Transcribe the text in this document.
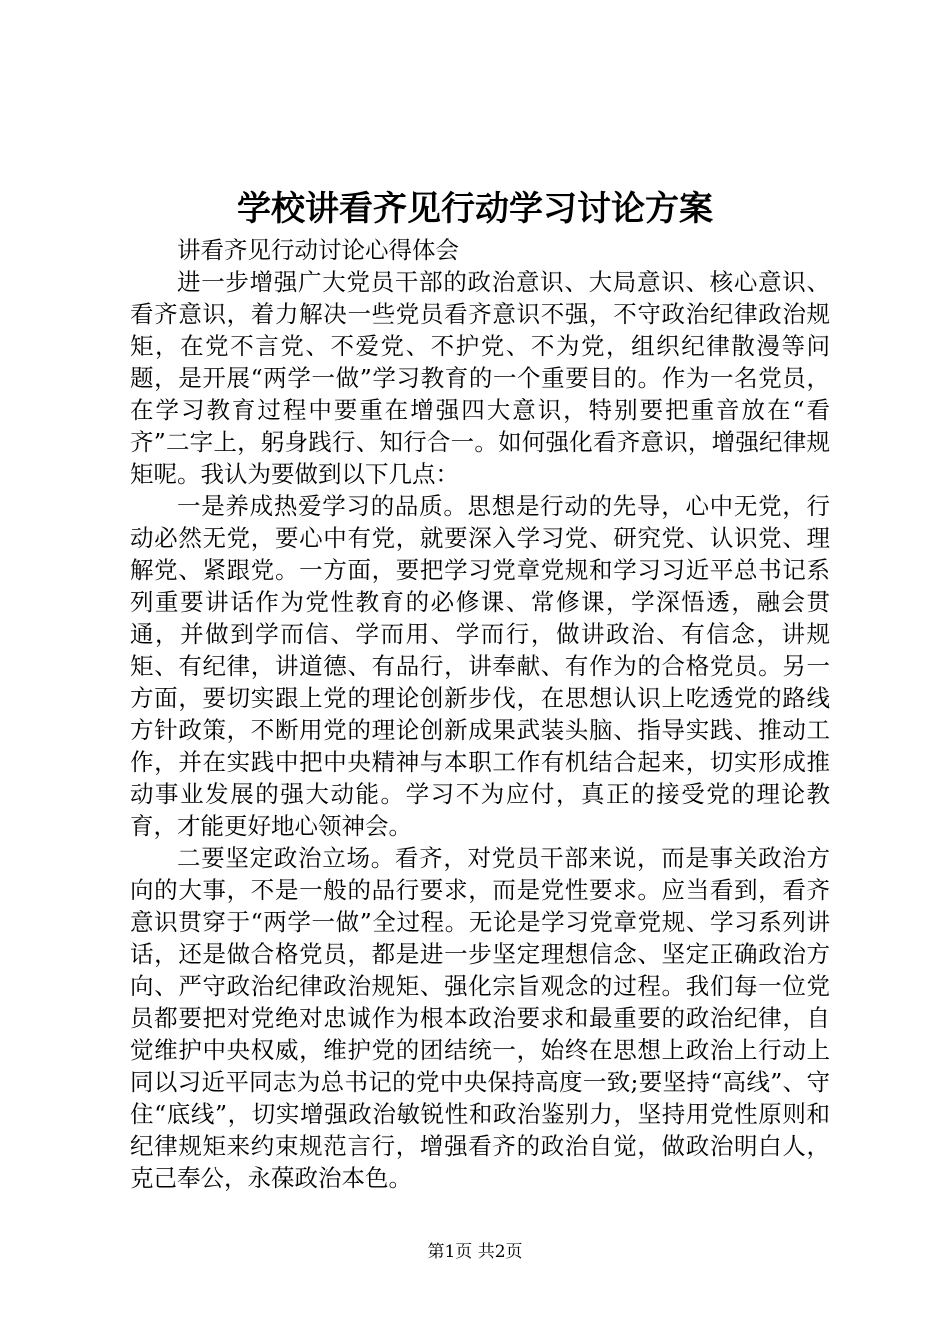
学校讲看齐见行动学习讨论方案

讲看齐见行动讨论心得体会

进一步增强广大党员干部的政治意识、大局意识、核心意识、看齐意识，着力解决一些党员看齐意识不强，不守政治纪律政治规矩，在党不言党、不爱党、不护党、不为党，组织纪律散漫等问题，是开展“两学一做”学习教育的一个重要目的。作为一名党员，在学习教育过程中要重在增强四大意识，特别要把重音放在“看齐”二字上，躬身践行、知行合一。如何强化看齐意识，增强纪律规矩呢。我认为要做到以下几点：

一是养成热爱学习的品质。思想是行动的先导，心中无党，行动必然无党，要心中有党，就要深入学习党、研究党、认识党、理解党、紧跟党。一方面，要把学习党章党规和学习习近平总书记系列重要讲话作为党性教育的必修课、常修课，学深悟透，融会贯通，并做到学而信、学而用、学而行，做讲政治、有信念，讲规矩、有纪律，讲道德、有品行，讲奉献、有作为的合格党员。另一方面，要切实跟上党的理论创新步伐，在思想认识上吃透党的路线方针政策，不断用党的理论创新成果武装头脑、指导实践、推动工作，并在实践中把中央精神与本职工作有机结合起来，切实形成推动事业发展的强大动能。学习不为应付，真正的接受党的理论教育，才能更好地心领神会。

二要坚定政治立场。看齐，对党员干部来说，而是事关政治方向的大事，不是一般的品行要求，而是党性要求。应当看到，看齐意识贯穿于“两学一做”全过程。无论是学习党章党规、学习系列讲话，还是做合格党员，都是进一步坚定理想信念、坚定正确政治方向、严守政治纪律政治规矩、强化宗旨观念的过程。我们每一位党员都要把对党绝对忠诚作为根本政治要求和最重要的政治纪律，自觉维护中央权威，维护党的团结统一，始终在思想上政治上行动上同以习近平同志为总书记的党中央保持高度一致;要坚持“高线”、守住“底线”，切实增强政治敏锐性和政治鉴别力，坚持用党性原则和纪律规矩来约束规范言行，增强看齐的政治自觉，做政治明白人，克己奉公，永葆政治本色。

第1页 共2页
